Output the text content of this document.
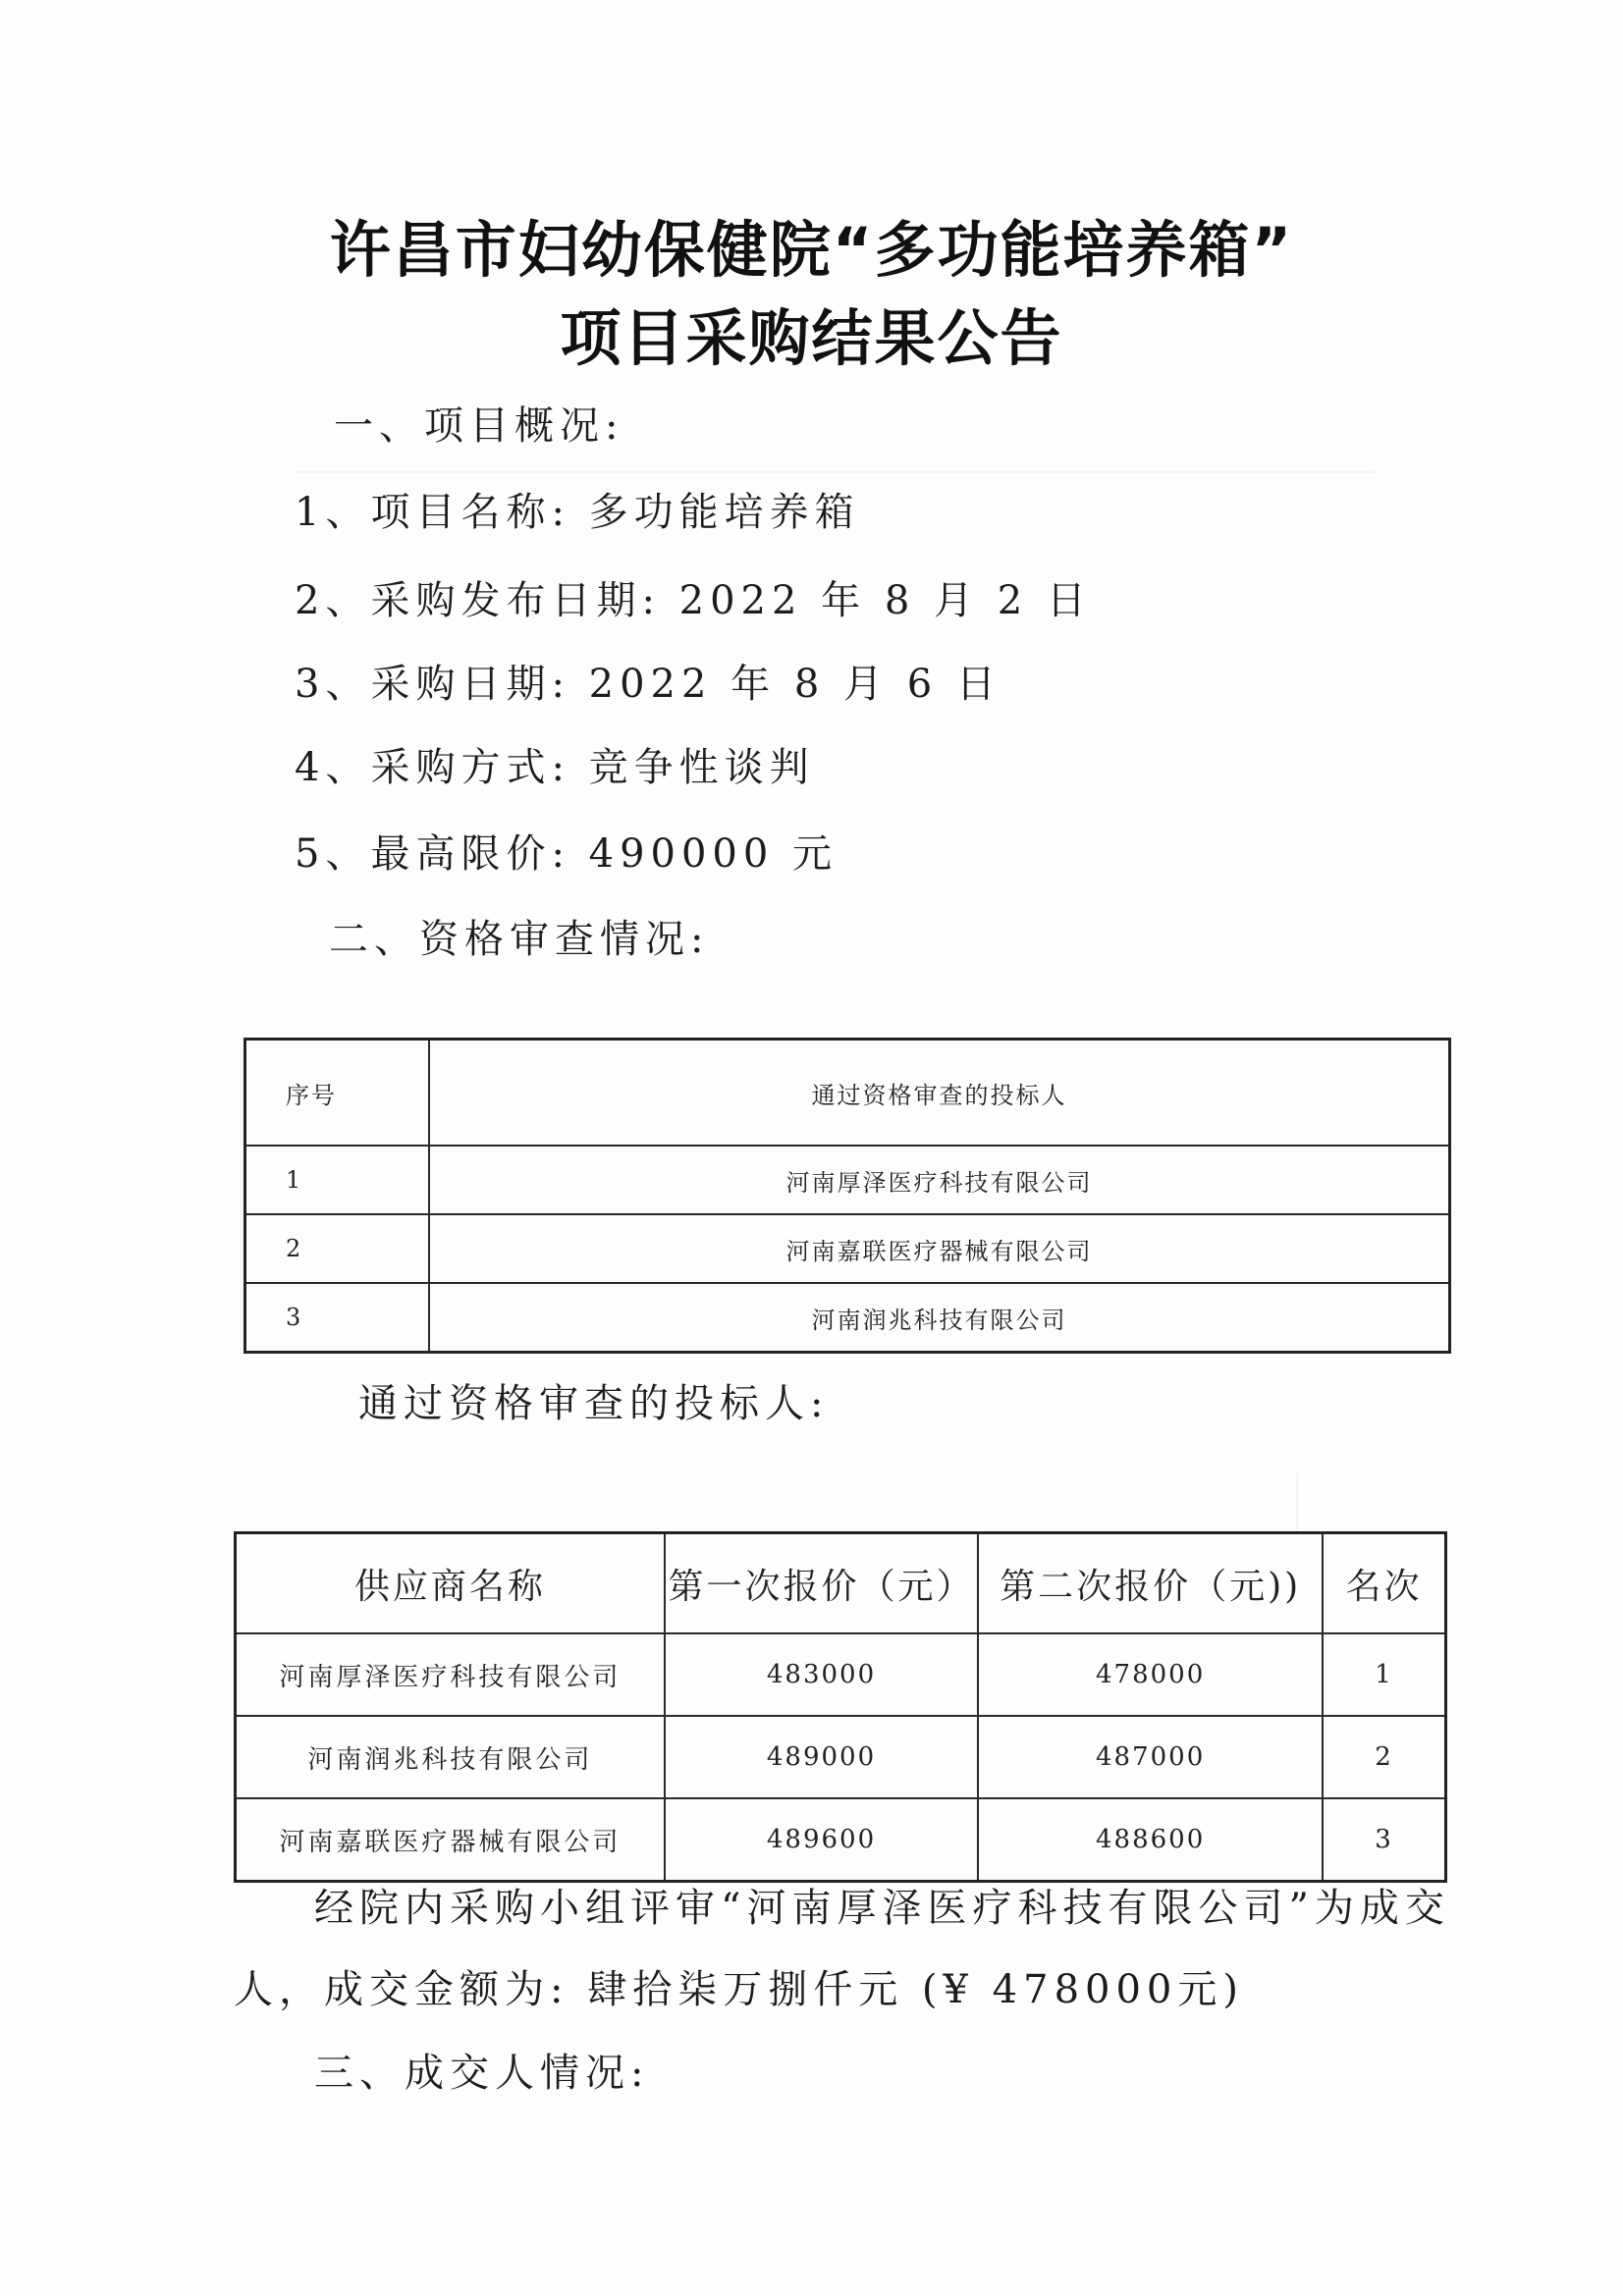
许昌市妇幼保健院“多功能培养箱”
项目采购结果公告
一、项目概况:
1、项目名称: 多功能培养箱
2、采购发布日期: 2022 年 8 月 2 日
3、采购日期: 2022 年 8 月 6 日
4、采购方式: 竞争性谈判
5、最高限价: 490000 元
二、资格审查情况:
序号	通过资格审查的投标人
1	河南厚泽医疗科技有限公司
2	河南嘉联医疗器械有限公司
3	河南润兆科技有限公司
通过资格审查的投标人:
供应商名称	第一次报价（元）	第二次报价（元))	名次
河南厚泽医疗科技有限公司	483000	478000	1
河南润兆科技有限公司	489000	487000	2
河南嘉联医疗器械有限公司	489600	488600	3
经院内采购小组评审“河南厚泽医疗科技有限公司”为成交
人，成交金额为: 肆拾柒万捌仟元 (¥ 478000元)
三、成交人情况:
